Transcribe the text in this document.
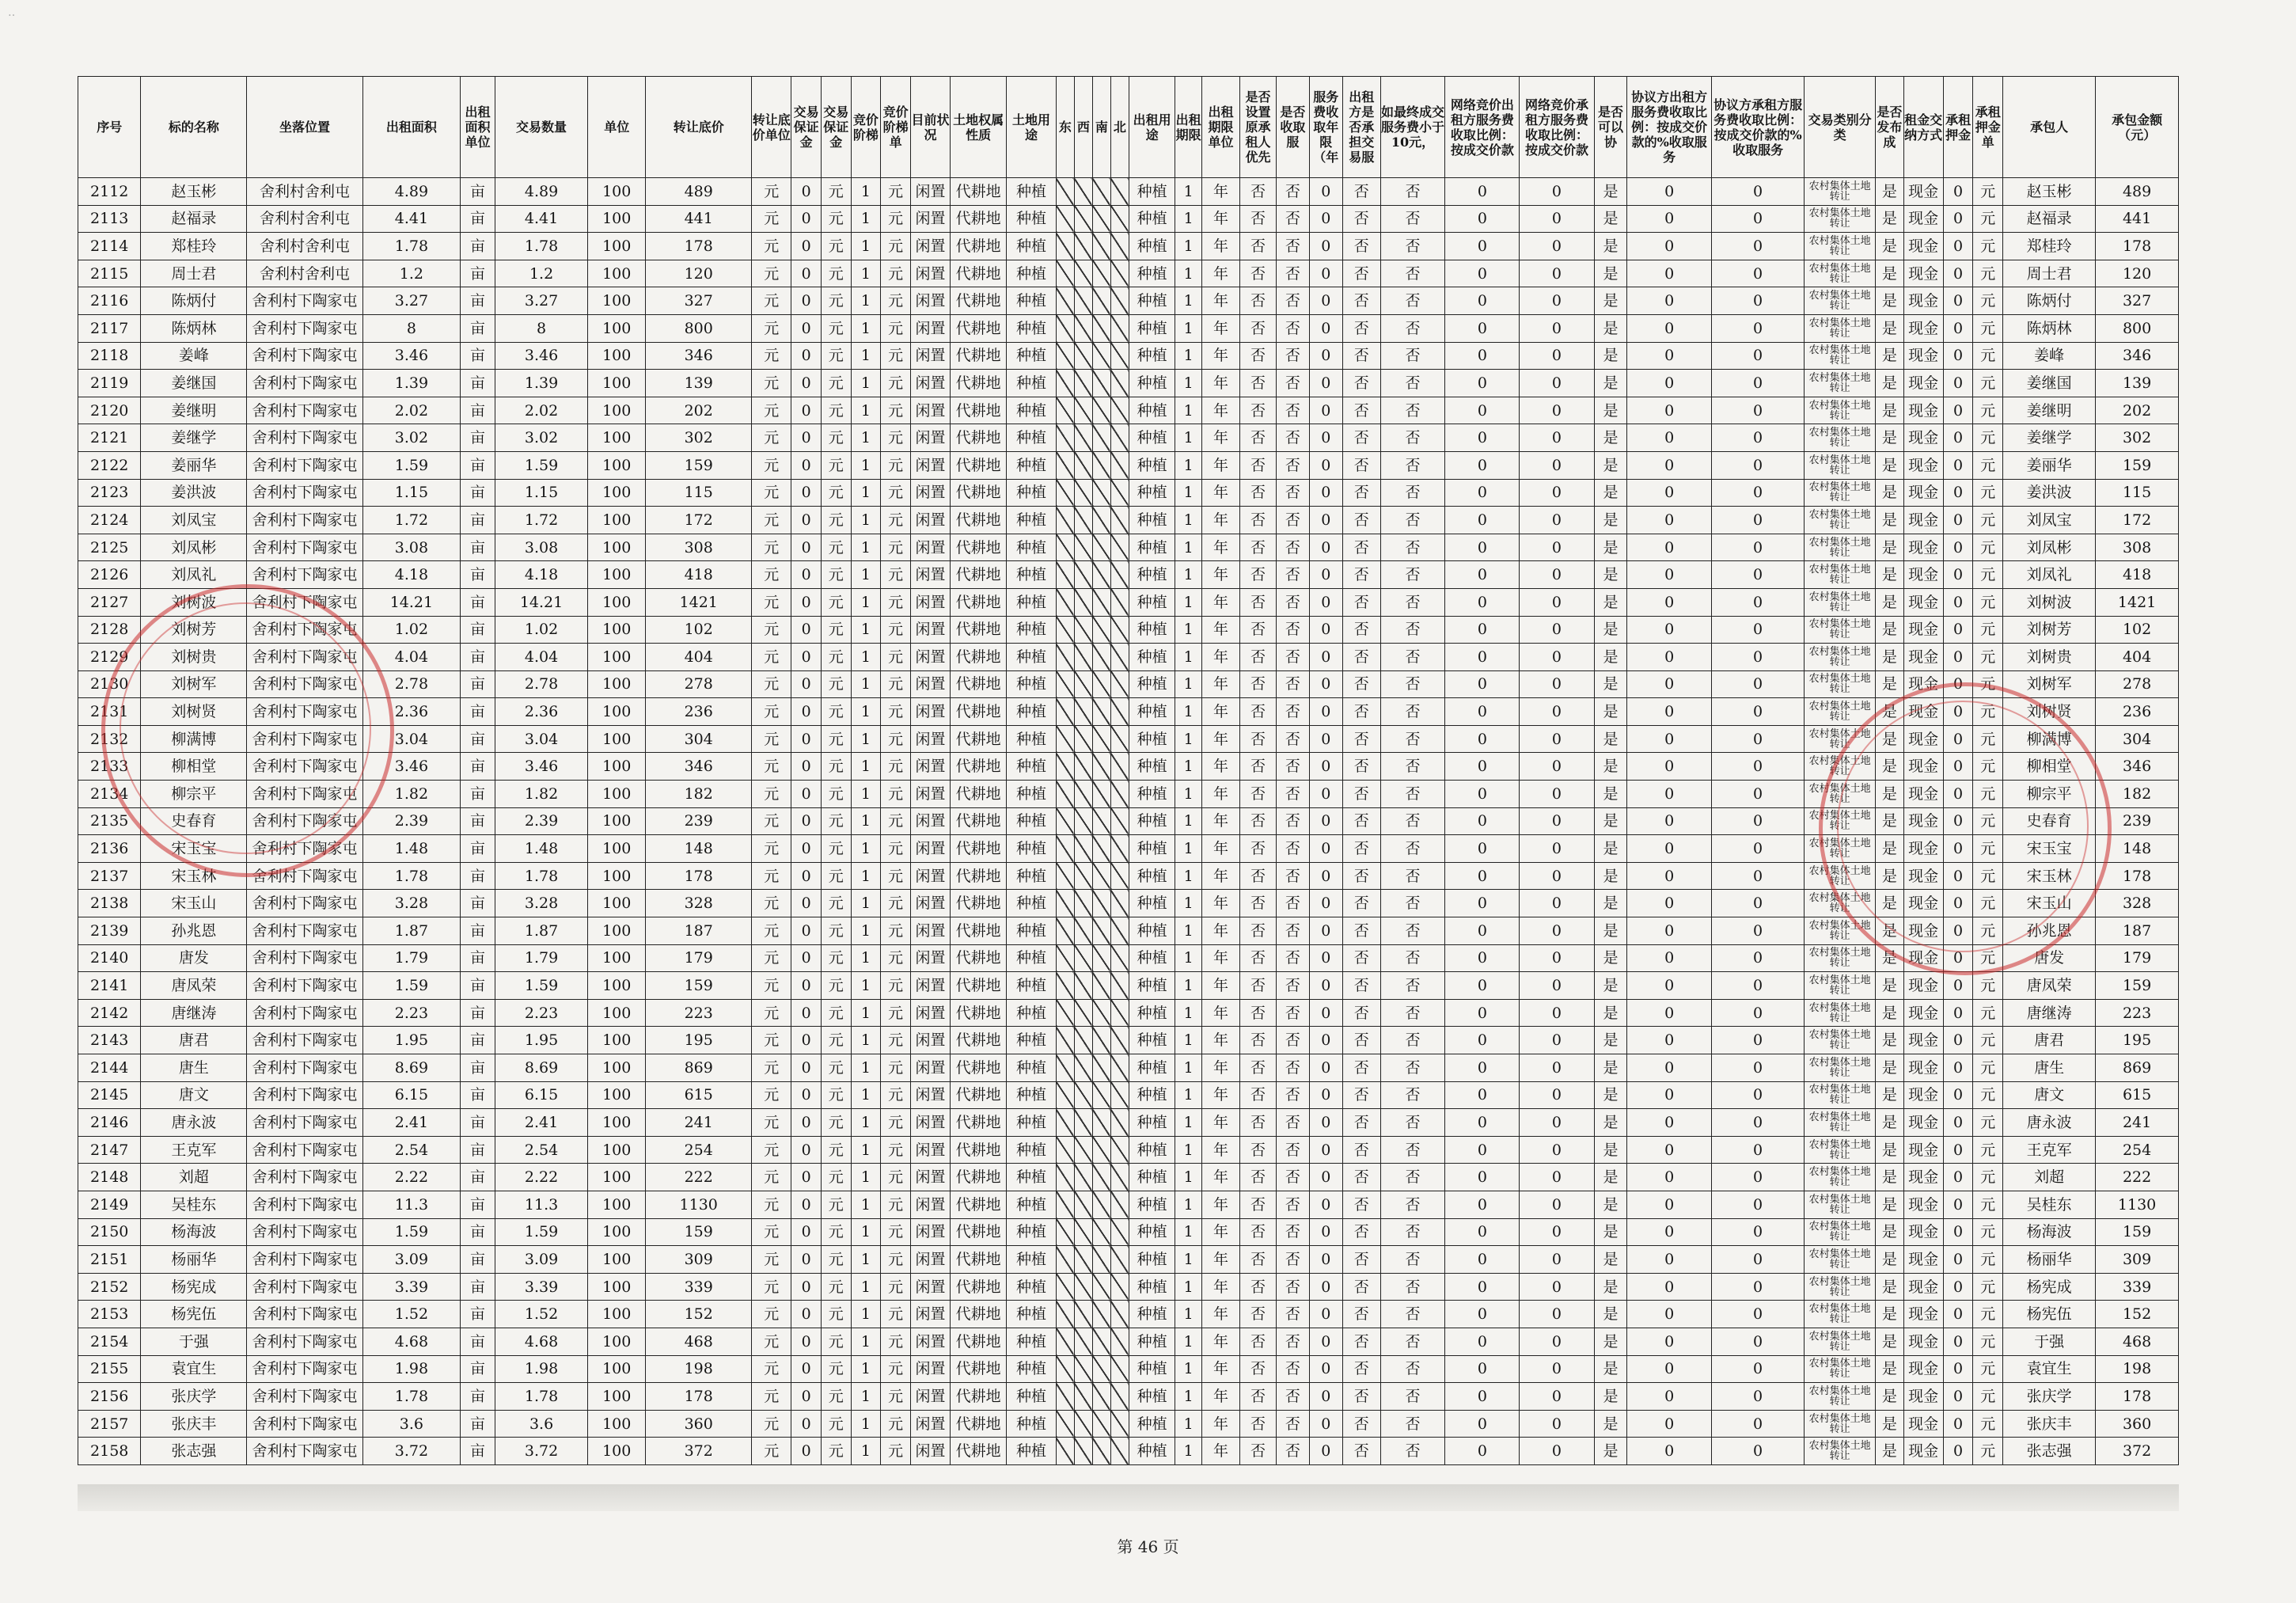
‥
序号	标的名称	坐落位置	出租面积	出租面积单位	交易数量	单位	转让底价	转让底价单位	交易保证金	交易保证金	竞价阶梯	竞价阶梯单	目前状况	土地权属性质	土地用途	东	西	南	北	出租用途	出租期限	出租期限单位	是否设置原承租人优先	是否收取服	服务费收取年限（年	出租方是否承担交易服	如最终成交服务费小于10元，	网络竞价出租方服务费收取比例：按成交价款	网络竞价承租方服务费收取比例：按成交价款	是否可以协	协议方出租方服务费收取比例：按成交价款的%收取服务	协议方承租方服务费收取比例：按成交价款的%收取服务	交易类别分类	是否发布成	租金交纳方式	承租押金	承租押金单	承包人	承包金额（元）
2112	赵玉彬	舍利村舍利屯	4.89	亩	4.89	100	489	元	0	元	1	元	闲置	代耕地	种植					种植	1	年	否	否	0	否	否	0	0	是	0	0	农村集体土地转让	是	现金	0	元	赵玉彬	489
2113	赵福录	舍利村舍利屯	4.41	亩	4.41	100	441	元	0	元	1	元	闲置	代耕地	种植					种植	1	年	否	否	0	否	否	0	0	是	0	0	农村集体土地转让	是	现金	0	元	赵福录	441
2114	郑桂玲	舍利村舍利屯	1.78	亩	1.78	100	178	元	0	元	1	元	闲置	代耕地	种植					种植	1	年	否	否	0	否	否	0	0	是	0	0	农村集体土地转让	是	现金	0	元	郑桂玲	178
2115	周士君	舍利村舍利屯	1.2	亩	1.2	100	120	元	0	元	1	元	闲置	代耕地	种植					种植	1	年	否	否	0	否	否	0	0	是	0	0	农村集体土地转让	是	现金	0	元	周士君	120
2116	陈炳付	舍利村下陶家屯	3.27	亩	3.27	100	327	元	0	元	1	元	闲置	代耕地	种植					种植	1	年	否	否	0	否	否	0	0	是	0	0	农村集体土地转让	是	现金	0	元	陈炳付	327
2117	陈炳林	舍利村下陶家屯	8	亩	8	100	800	元	0	元	1	元	闲置	代耕地	种植					种植	1	年	否	否	0	否	否	0	0	是	0	0	农村集体土地转让	是	现金	0	元	陈炳林	800
2118	姜峰	舍利村下陶家屯	3.46	亩	3.46	100	346	元	0	元	1	元	闲置	代耕地	种植					种植	1	年	否	否	0	否	否	0	0	是	0	0	农村集体土地转让	是	现金	0	元	姜峰	346
2119	姜继国	舍利村下陶家屯	1.39	亩	1.39	100	139	元	0	元	1	元	闲置	代耕地	种植					种植	1	年	否	否	0	否	否	0	0	是	0	0	农村集体土地转让	是	现金	0	元	姜继国	139
2120	姜继明	舍利村下陶家屯	2.02	亩	2.02	100	202	元	0	元	1	元	闲置	代耕地	种植					种植	1	年	否	否	0	否	否	0	0	是	0	0	农村集体土地转让	是	现金	0	元	姜继明	202
2121	姜继学	舍利村下陶家屯	3.02	亩	3.02	100	302	元	0	元	1	元	闲置	代耕地	种植					种植	1	年	否	否	0	否	否	0	0	是	0	0	农村集体土地转让	是	现金	0	元	姜继学	302
2122	姜丽华	舍利村下陶家屯	1.59	亩	1.59	100	159	元	0	元	1	元	闲置	代耕地	种植					种植	1	年	否	否	0	否	否	0	0	是	0	0	农村集体土地转让	是	现金	0	元	姜丽华	159
2123	姜洪波	舍利村下陶家屯	1.15	亩	1.15	100	115	元	0	元	1	元	闲置	代耕地	种植					种植	1	年	否	否	0	否	否	0	0	是	0	0	农村集体土地转让	是	现金	0	元	姜洪波	115
2124	刘凤宝	舍利村下陶家屯	1.72	亩	1.72	100	172	元	0	元	1	元	闲置	代耕地	种植					种植	1	年	否	否	0	否	否	0	0	是	0	0	农村集体土地转让	是	现金	0	元	刘凤宝	172
2125	刘凤彬	舍利村下陶家屯	3.08	亩	3.08	100	308	元	0	元	1	元	闲置	代耕地	种植					种植	1	年	否	否	0	否	否	0	0	是	0	0	农村集体土地转让	是	现金	0	元	刘凤彬	308
2126	刘凤礼	舍利村下陶家屯	4.18	亩	4.18	100	418	元	0	元	1	元	闲置	代耕地	种植					种植	1	年	否	否	0	否	否	0	0	是	0	0	农村集体土地转让	是	现金	0	元	刘凤礼	418
2127	刘树波	舍利村下陶家屯	14.21	亩	14.21	100	1421	元	0	元	1	元	闲置	代耕地	种植					种植	1	年	否	否	0	否	否	0	0	是	0	0	农村集体土地转让	是	现金	0	元	刘树波	1421
2128	刘树芳	舍利村下陶家屯	1.02	亩	1.02	100	102	元	0	元	1	元	闲置	代耕地	种植					种植	1	年	否	否	0	否	否	0	0	是	0	0	农村集体土地转让	是	现金	0	元	刘树芳	102
2129	刘树贵	舍利村下陶家屯	4.04	亩	4.04	100	404	元	0	元	1	元	闲置	代耕地	种植					种植	1	年	否	否	0	否	否	0	0	是	0	0	农村集体土地转让	是	现金	0	元	刘树贵	404
2130	刘树军	舍利村下陶家屯	2.78	亩	2.78	100	278	元	0	元	1	元	闲置	代耕地	种植					种植	1	年	否	否	0	否	否	0	0	是	0	0	农村集体土地转让	是	现金	0	元	刘树军	278
2131	刘树贤	舍利村下陶家屯	2.36	亩	2.36	100	236	元	0	元	1	元	闲置	代耕地	种植					种植	1	年	否	否	0	否	否	0	0	是	0	0	农村集体土地转让	是	现金	0	元	刘树贤	236
2132	柳满博	舍利村下陶家屯	3.04	亩	3.04	100	304	元	0	元	1	元	闲置	代耕地	种植					种植	1	年	否	否	0	否	否	0	0	是	0	0	农村集体土地转让	是	现金	0	元	柳满博	304
2133	柳相堂	舍利村下陶家屯	3.46	亩	3.46	100	346	元	0	元	1	元	闲置	代耕地	种植					种植	1	年	否	否	0	否	否	0	0	是	0	0	农村集体土地转让	是	现金	0	元	柳相堂	346
2134	柳宗平	舍利村下陶家屯	1.82	亩	1.82	100	182	元	0	元	1	元	闲置	代耕地	种植					种植	1	年	否	否	0	否	否	0	0	是	0	0	农村集体土地转让	是	现金	0	元	柳宗平	182
2135	史春育	舍利村下陶家屯	2.39	亩	2.39	100	239	元	0	元	1	元	闲置	代耕地	种植					种植	1	年	否	否	0	否	否	0	0	是	0	0	农村集体土地转让	是	现金	0	元	史春育	239
2136	宋玉宝	舍利村下陶家屯	1.48	亩	1.48	100	148	元	0	元	1	元	闲置	代耕地	种植					种植	1	年	否	否	0	否	否	0	0	是	0	0	农村集体土地转让	是	现金	0	元	宋玉宝	148
2137	宋玉林	舍利村下陶家屯	1.78	亩	1.78	100	178	元	0	元	1	元	闲置	代耕地	种植					种植	1	年	否	否	0	否	否	0	0	是	0	0	农村集体土地转让	是	现金	0	元	宋玉林	178
2138	宋玉山	舍利村下陶家屯	3.28	亩	3.28	100	328	元	0	元	1	元	闲置	代耕地	种植					种植	1	年	否	否	0	否	否	0	0	是	0	0	农村集体土地转让	是	现金	0	元	宋玉山	328
2139	孙兆恩	舍利村下陶家屯	1.87	亩	1.87	100	187	元	0	元	1	元	闲置	代耕地	种植					种植	1	年	否	否	0	否	否	0	0	是	0	0	农村集体土地转让	是	现金	0	元	孙兆恩	187
2140	唐发	舍利村下陶家屯	1.79	亩	1.79	100	179	元	0	元	1	元	闲置	代耕地	种植					种植	1	年	否	否	0	否	否	0	0	是	0	0	农村集体土地转让	是	现金	0	元	唐发	179
2141	唐凤荣	舍利村下陶家屯	1.59	亩	1.59	100	159	元	0	元	1	元	闲置	代耕地	种植					种植	1	年	否	否	0	否	否	0	0	是	0	0	农村集体土地转让	是	现金	0	元	唐凤荣	159
2142	唐继涛	舍利村下陶家屯	2.23	亩	2.23	100	223	元	0	元	1	元	闲置	代耕地	种植					种植	1	年	否	否	0	否	否	0	0	是	0	0	农村集体土地转让	是	现金	0	元	唐继涛	223
2143	唐君	舍利村下陶家屯	1.95	亩	1.95	100	195	元	0	元	1	元	闲置	代耕地	种植					种植	1	年	否	否	0	否	否	0	0	是	0	0	农村集体土地转让	是	现金	0	元	唐君	195
2144	唐生	舍利村下陶家屯	8.69	亩	8.69	100	869	元	0	元	1	元	闲置	代耕地	种植					种植	1	年	否	否	0	否	否	0	0	是	0	0	农村集体土地转让	是	现金	0	元	唐生	869
2145	唐文	舍利村下陶家屯	6.15	亩	6.15	100	615	元	0	元	1	元	闲置	代耕地	种植					种植	1	年	否	否	0	否	否	0	0	是	0	0	农村集体土地转让	是	现金	0	元	唐文	615
2146	唐永波	舍利村下陶家屯	2.41	亩	2.41	100	241	元	0	元	1	元	闲置	代耕地	种植					种植	1	年	否	否	0	否	否	0	0	是	0	0	农村集体土地转让	是	现金	0	元	唐永波	241
2147	王克军	舍利村下陶家屯	2.54	亩	2.54	100	254	元	0	元	1	元	闲置	代耕地	种植					种植	1	年	否	否	0	否	否	0	0	是	0	0	农村集体土地转让	是	现金	0	元	王克军	254
2148	刘超	舍利村下陶家屯	2.22	亩	2.22	100	222	元	0	元	1	元	闲置	代耕地	种植					种植	1	年	否	否	0	否	否	0	0	是	0	0	农村集体土地转让	是	现金	0	元	刘超	222
2149	吴桂东	舍利村下陶家屯	11.3	亩	11.3	100	1130	元	0	元	1	元	闲置	代耕地	种植					种植	1	年	否	否	0	否	否	0	0	是	0	0	农村集体土地转让	是	现金	0	元	吴桂东	1130
2150	杨海波	舍利村下陶家屯	1.59	亩	1.59	100	159	元	0	元	1	元	闲置	代耕地	种植					种植	1	年	否	否	0	否	否	0	0	是	0	0	农村集体土地转让	是	现金	0	元	杨海波	159
2151	杨丽华	舍利村下陶家屯	3.09	亩	3.09	100	309	元	0	元	1	元	闲置	代耕地	种植					种植	1	年	否	否	0	否	否	0	0	是	0	0	农村集体土地转让	是	现金	0	元	杨丽华	309
2152	杨宪成	舍利村下陶家屯	3.39	亩	3.39	100	339	元	0	元	1	元	闲置	代耕地	种植					种植	1	年	否	否	0	否	否	0	0	是	0	0	农村集体土地转让	是	现金	0	元	杨宪成	339
2153	杨宪伍	舍利村下陶家屯	1.52	亩	1.52	100	152	元	0	元	1	元	闲置	代耕地	种植					种植	1	年	否	否	0	否	否	0	0	是	0	0	农村集体土地转让	是	现金	0	元	杨宪伍	152
2154	于强	舍利村下陶家屯	4.68	亩	4.68	100	468	元	0	元	1	元	闲置	代耕地	种植					种植	1	年	否	否	0	否	否	0	0	是	0	0	农村集体土地转让	是	现金	0	元	于强	468
2155	袁宜生	舍利村下陶家屯	1.98	亩	1.98	100	198	元	0	元	1	元	闲置	代耕地	种植					种植	1	年	否	否	0	否	否	0	0	是	0	0	农村集体土地转让	是	现金	0	元	袁宜生	198
2156	张庆学	舍利村下陶家屯	1.78	亩	1.78	100	178	元	0	元	1	元	闲置	代耕地	种植					种植	1	年	否	否	0	否	否	0	0	是	0	0	农村集体土地转让	是	现金	0	元	张庆学	178
2157	张庆丰	舍利村下陶家屯	3.6	亩	3.6	100	360	元	0	元	1	元	闲置	代耕地	种植					种植	1	年	否	否	0	否	否	0	0	是	0	0	农村集体土地转让	是	现金	0	元	张庆丰	360
2158	张志强	舍利村下陶家屯	3.72	亩	3.72	100	372	元	0	元	1	元	闲置	代耕地	种植					种植	1	年	否	否	0	否	否	0	0	是	0	0	农村集体土地转让	是	现金	0	元	张志强	372
第 46 页
